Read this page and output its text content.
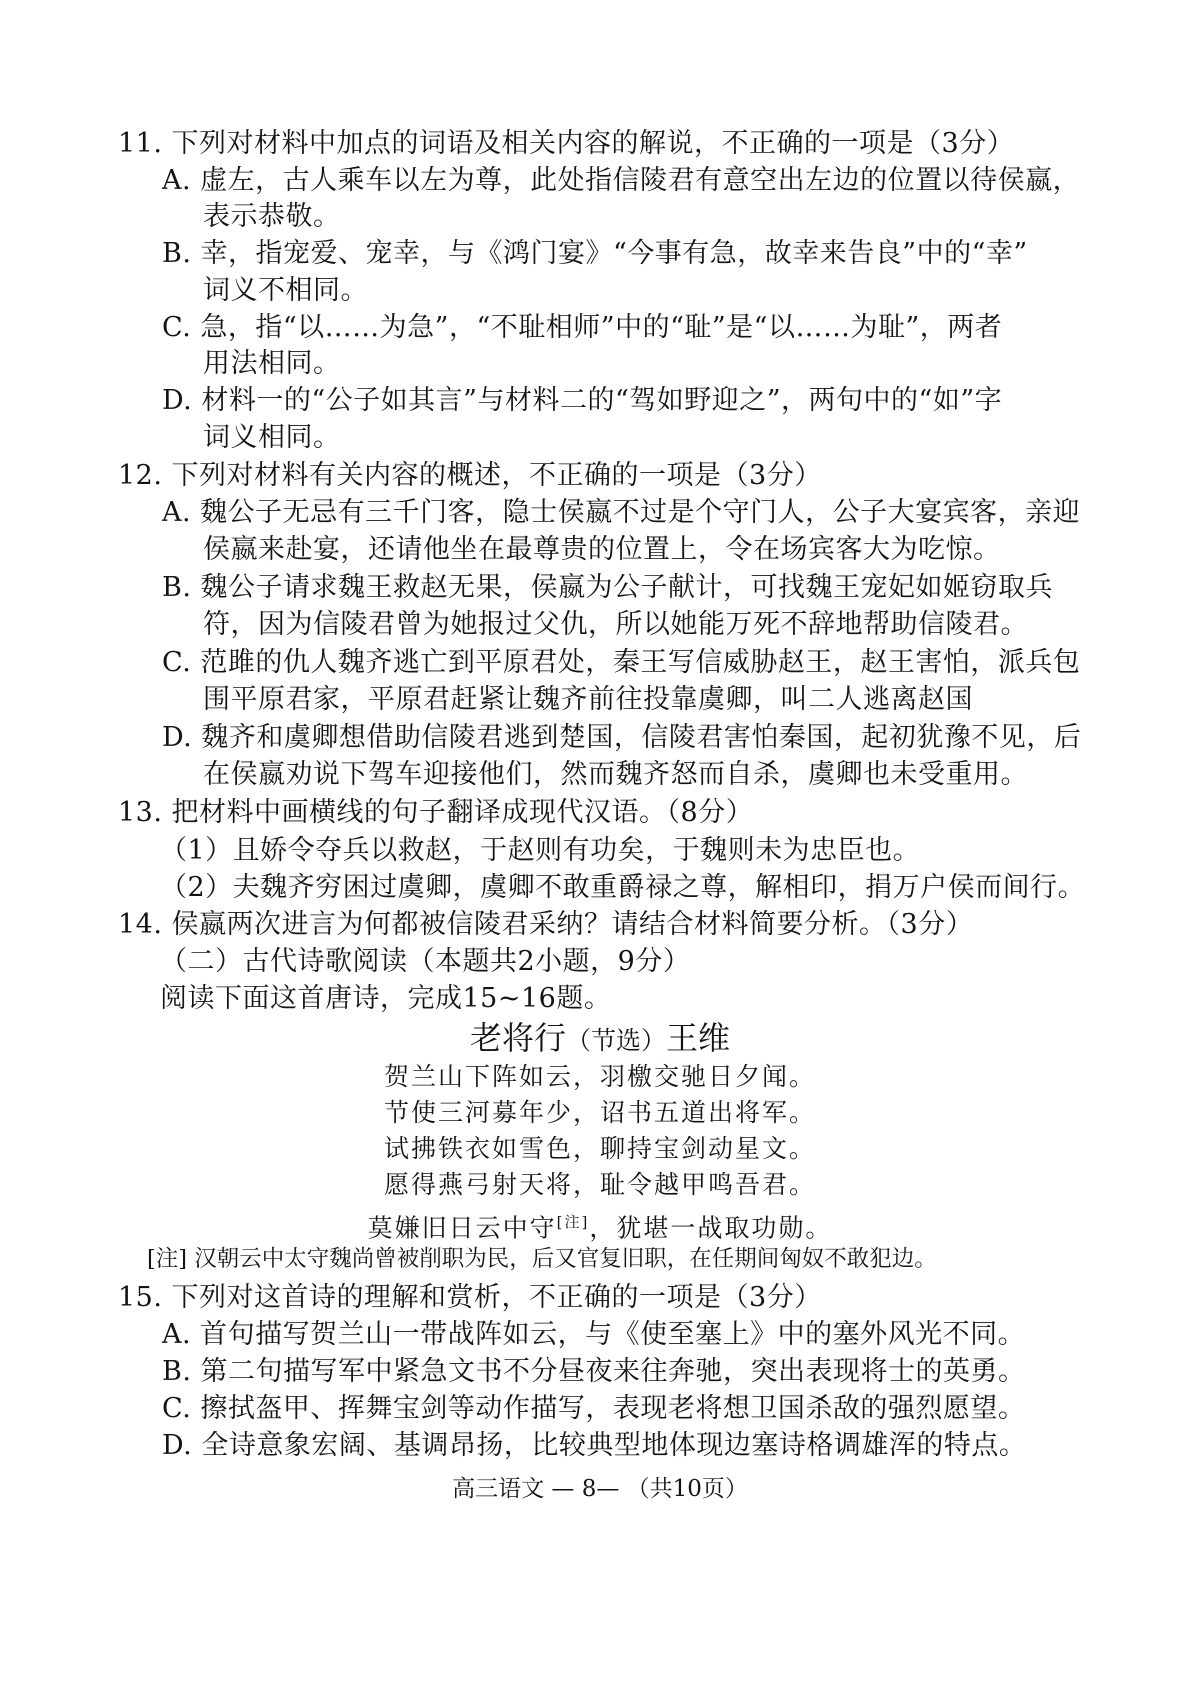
11. 下列对材料中加点的词语及相关内容的解说，不正确的一项是（3分）
A. 虚左，古人乘车以左为尊，此处指信陵君有意空出左边的位置以待侯嬴，
表示恭敬。
B. 幸，指宠爱、宠幸，与《鸿门宴》“今事有急，故幸来告良”中的“幸”
词义不相同。
C. 急，指“以……为急”，“不耻相师”中的“耻”是“以……为耻”，两者
用法相同。
D. 材料一的“公子如其言”与材料二的“驾如野迎之”，两句中的“如”字
词义相同。
12. 下列对材料有关内容的概述，不正确的一项是（3分）
A. 魏公子无忌有三千门客，隐士侯嬴不过是个守门人，公子大宴宾客，亲迎
侯嬴来赴宴，还请他坐在最尊贵的位置上，令在场宾客大为吃惊。
B. 魏公子请求魏王救赵无果，侯嬴为公子献计，可找魏王宠妃如姬窃取兵
符，因为信陵君曾为她报过父仇，所以她能万死不辞地帮助信陵君。
C. 范雎的仇人魏齐逃亡到平原君处，秦王写信威胁赵王，赵王害怕，派兵包
围平原君家，平原君赶紧让魏齐前往投靠虞卿，叫二人逃离赵国
D. 魏齐和虞卿想借助信陵君逃到楚国，信陵君害怕秦国，起初犹豫不见，后
在侯嬴劝说下驾车迎接他们，然而魏齐怒而自杀，虞卿也未受重用。
13. 把材料中画横线的句子翻译成现代汉语。（8分）
（1）且娇令夺兵以救赵，于赵则有功矣，于魏则未为忠臣也。
（2）夫魏齐穷困过虞卿，虞卿不敢重爵禄之尊，解相印，捐万户侯而间行。
14. 侯嬴两次进言为何都被信陵君采纳？请结合材料简要分析。（3分）
（二）古代诗歌阅读（本题共2小题，9分）
阅读下面这首唐诗，完成15~16题。
老将行（节选）王维
贺兰山下阵如云，羽檄交驰日夕闻。
节使三河募年少，诏书五道出将军。
试拂铁衣如雪色，聊持宝剑动星文。
愿得燕弓射天将，耻令越甲鸣吾君。
莫嫌旧日云中守[注]，犹堪一战取功勋。
[注] 汉朝云中太守魏尚曾被削职为民，后又官复旧职，在任期间匈奴不敢犯边。
15. 下列对这首诗的理解和赏析，不正确的一项是（3分）
A. 首句描写贺兰山一带战阵如云，与《使至塞上》中的塞外风光不同。
B. 第二句描写军中紧急文书不分昼夜来往奔驰，突出表现将士的英勇。
C. 擦拭盔甲、挥舞宝剑等动作描写，表现老将想卫国杀敌的强烈愿望。
D. 全诗意象宏阔、基调昂扬，比较典型地体现边塞诗格调雄浑的特点。
高三语文 — 8— （共10页）
